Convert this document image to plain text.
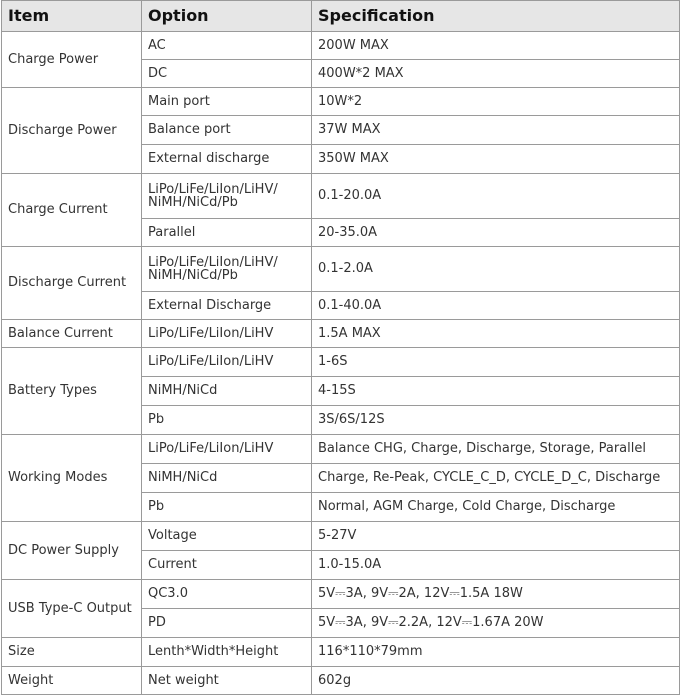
Item	Option	Specification
Charge Power	AC	200W MAX
	DC	400W*2 MAX
Discharge Power	Main port	10W*2
	Balance port	37W MAX
	External discharge	350W MAX
Charge Current	LiPo/LiFe/LiIon/LiHV/ NiMH/NiCd/Pb	0.1-20.0A
	Parallel	20-35.0A
Discharge Current	LiPo/LiFe/LiIon/LiHV/ NiMH/NiCd/Pb	0.1-2.0A
	External Discharge	0.1-40.0A
Balance Current	LiPo/LiFe/LiIon/LiHV	1.5A MAX
Battery Types	LiPo/LiFe/LiIon/LiHV	1-6S
	NiMH/NiCd	4-15S
	Pb	3S/6S/12S
Working Modes	LiPo/LiFe/LiIon/LiHV	Balance CHG, Charge, Discharge, Storage, Parallel
	NiMH/NiCd	Charge, Re-Peak, CYCLE_C_D, CYCLE_D_C, Discharge
	Pb	Normal, AGM Charge, Cold Charge, Discharge
DC Power Supply	Voltage	5-27V
	Current	1.0-15.0A
USB Type-C Output	QC3.0	5V⎓3A, 9V⎓2A, 12V⎓1.5A 18W
	PD	5V⎓3A, 9V⎓2.2A, 12V⎓1.67A 20W
Size	Lenth*Width*Height	116*110*79mm
Weight	Net weight	602g
